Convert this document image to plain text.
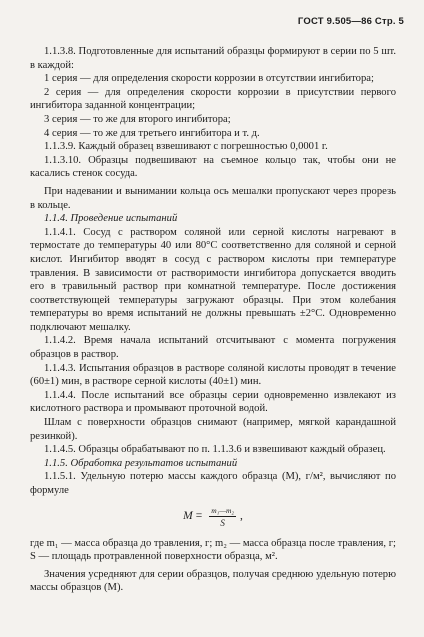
ГОСТ 9.505—86 Стр. 5

1.1.3.8. Подготовленные для испытаний образцы формируют в серии по 5 шт. в каждой:

1 серия — для определения скорости коррозии в отсутствии ингибитора;

2 серия — для определения скорости коррозии в присутствии первого ингибитора заданной концентрации;

3 серия — то же для второго ингибитора;

4 серия — то же для третьего ингибитора и т. д.

1.1.3.9. Каждый образец взвешивают с погрешностью 0,0001 г.

1.1.3.10. Образцы подвешивают на съемное кольцо так, чтобы они не касались стенок сосуда.

При надевании и вынимании кольца ось мешалки пропускают через прорезь в кольце.

1.1.4. Проведение испытаний

1.1.4.1. Сосуд с раствором соляной или серной кислоты нагревают в термостате до температуры 40 или 80°С соответственно для соляной и серной кислот. Ингибитор вводят в сосуд с раствором кислоты при температуре травления. В зависимости от растворимости ингибитора допускается вводить его в травильный раствор при комнатной температуре. После достижения соответствующей температуры загружают образцы. При этом колебания температуры во время испытаний не должны превышать ±2°С. Одновременно подключают мешалку.

1.1.4.2. Время начала испытаний отсчитывают с момента погружения образцов в раствор.

1.1.4.3. Испытания образцов в растворе соляной кислоты проводят в течение (60±1) мин, в растворе серной кислоты (40±1) мин.

1.1.4.4. После испытаний все образцы серии одновременно извлекают из кислотного раствора и промывают проточной водой.

Шлам с поверхности образцов снимают (например, мягкой карандашной резинкой).

1.1.4.5. Образцы обрабатывают по п. 1.1.3.6 и взвешивают каждый образец.

1.1.5. Обработка результатов испытаний

1.1.5.1. Удельную потерю массы каждого образца (M), г/м², вычисляют по формуле

$M = \frac{\text{m₁—m₂}}{S}$ ,

где m₁ — масса образца до травления, г; m₂ — масса образца после травления, г; S — площадь протравленной поверхности образца, м².

Значения усредняют для серии образцов, получая среднюю удельную потерю массы образцов (M).
